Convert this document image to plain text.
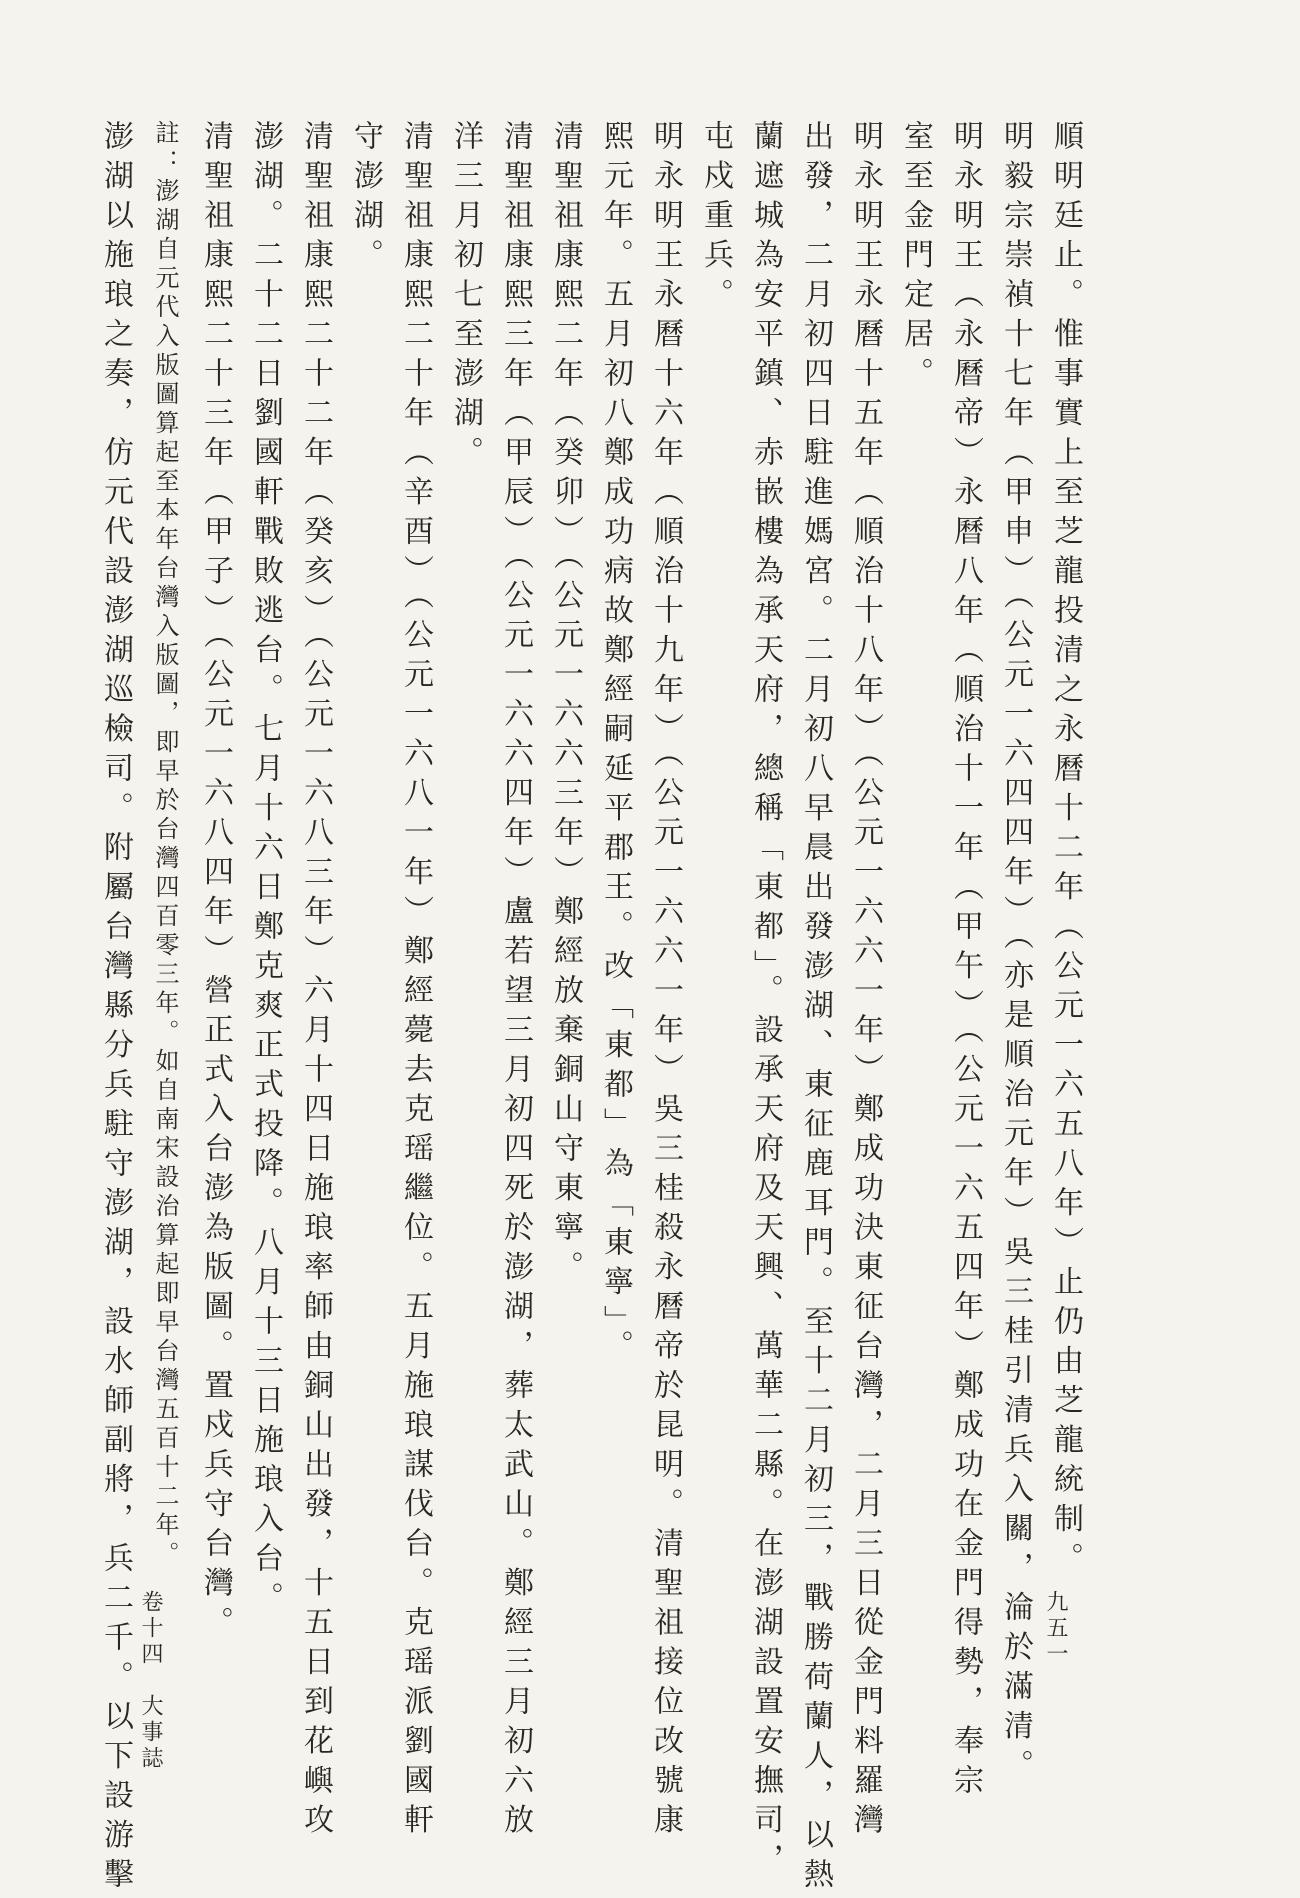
順明廷止。惟事實上至芝龍投清之永曆十二年（公元一六五八年）止仍由芝龍統制。
明毅宗崇禎十七年（甲申）（公元一六四四年）（亦是順治元年）吳三桂引清兵入關，淪於滿清。
明永明王（永曆帝）永曆八年（順治十一年（甲午）（公元一六五四年）鄭成功在金門得勢，奉宗
室至金門定居。
明永明王永曆十五年（順治十八年）（公元一六六一年）鄭成功決東征台灣，二月三日從金門料羅灣
出發，二月初四日駐進媽宮。二月初八早晨出發澎湖、東征鹿耳門。至十二月初三，戰勝荷蘭人，以熱
蘭遮城為安平鎮、赤嵌樓為承天府，總稱「東都」。設承天府及天興、萬華二縣。在澎湖設置安撫司，
屯戍重兵。
明永明王永曆十六年（順治十九年）（公元一六六一年）吳三桂殺永曆帝於昆明。清聖祖接位改號康
熙元年。五月初八鄭成功病故鄭經嗣延平郡王。改「東都」為「東寧」。
清聖祖康熙二年（癸卯）（公元一六六三年）鄭經放棄銅山守東寧。
清聖祖康熙三年（甲辰）（公元一六六四年）盧若望三月初四死於澎湖，葬太武山。鄭經三月初六放
洋三月初七至澎湖。
清聖祖康熙二十年（辛酉）（公元一六八一年）鄭經薨去克瑶繼位。五月施琅謀伐台。克瑶派劉國軒
守澎湖。
清聖祖康熙二十二年（癸亥）（公元一六八三年）六月十四日施琅率師由銅山出發，十五日到花嶼攻
澎湖。二十二日劉國軒戰敗逃台。七月十六日鄭克爽正式投降。八月十三日施琅入台。
清聖祖康熙二十三年（甲子）（公元一六八四年）營正式入台澎為版圖。置戍兵守台灣。
註：澎湖自元代入版圖算起至本年台灣入版圖，即早於台灣四百零三年。如自南宋設治算起即早台灣五百十二年。
澎湖以施琅之奏，仿元代設澎湖巡檢司。附屬台灣縣分兵駐守澎湖，設水師副將，兵二千。以下設游擊 卷十四　大事誌	九五一
